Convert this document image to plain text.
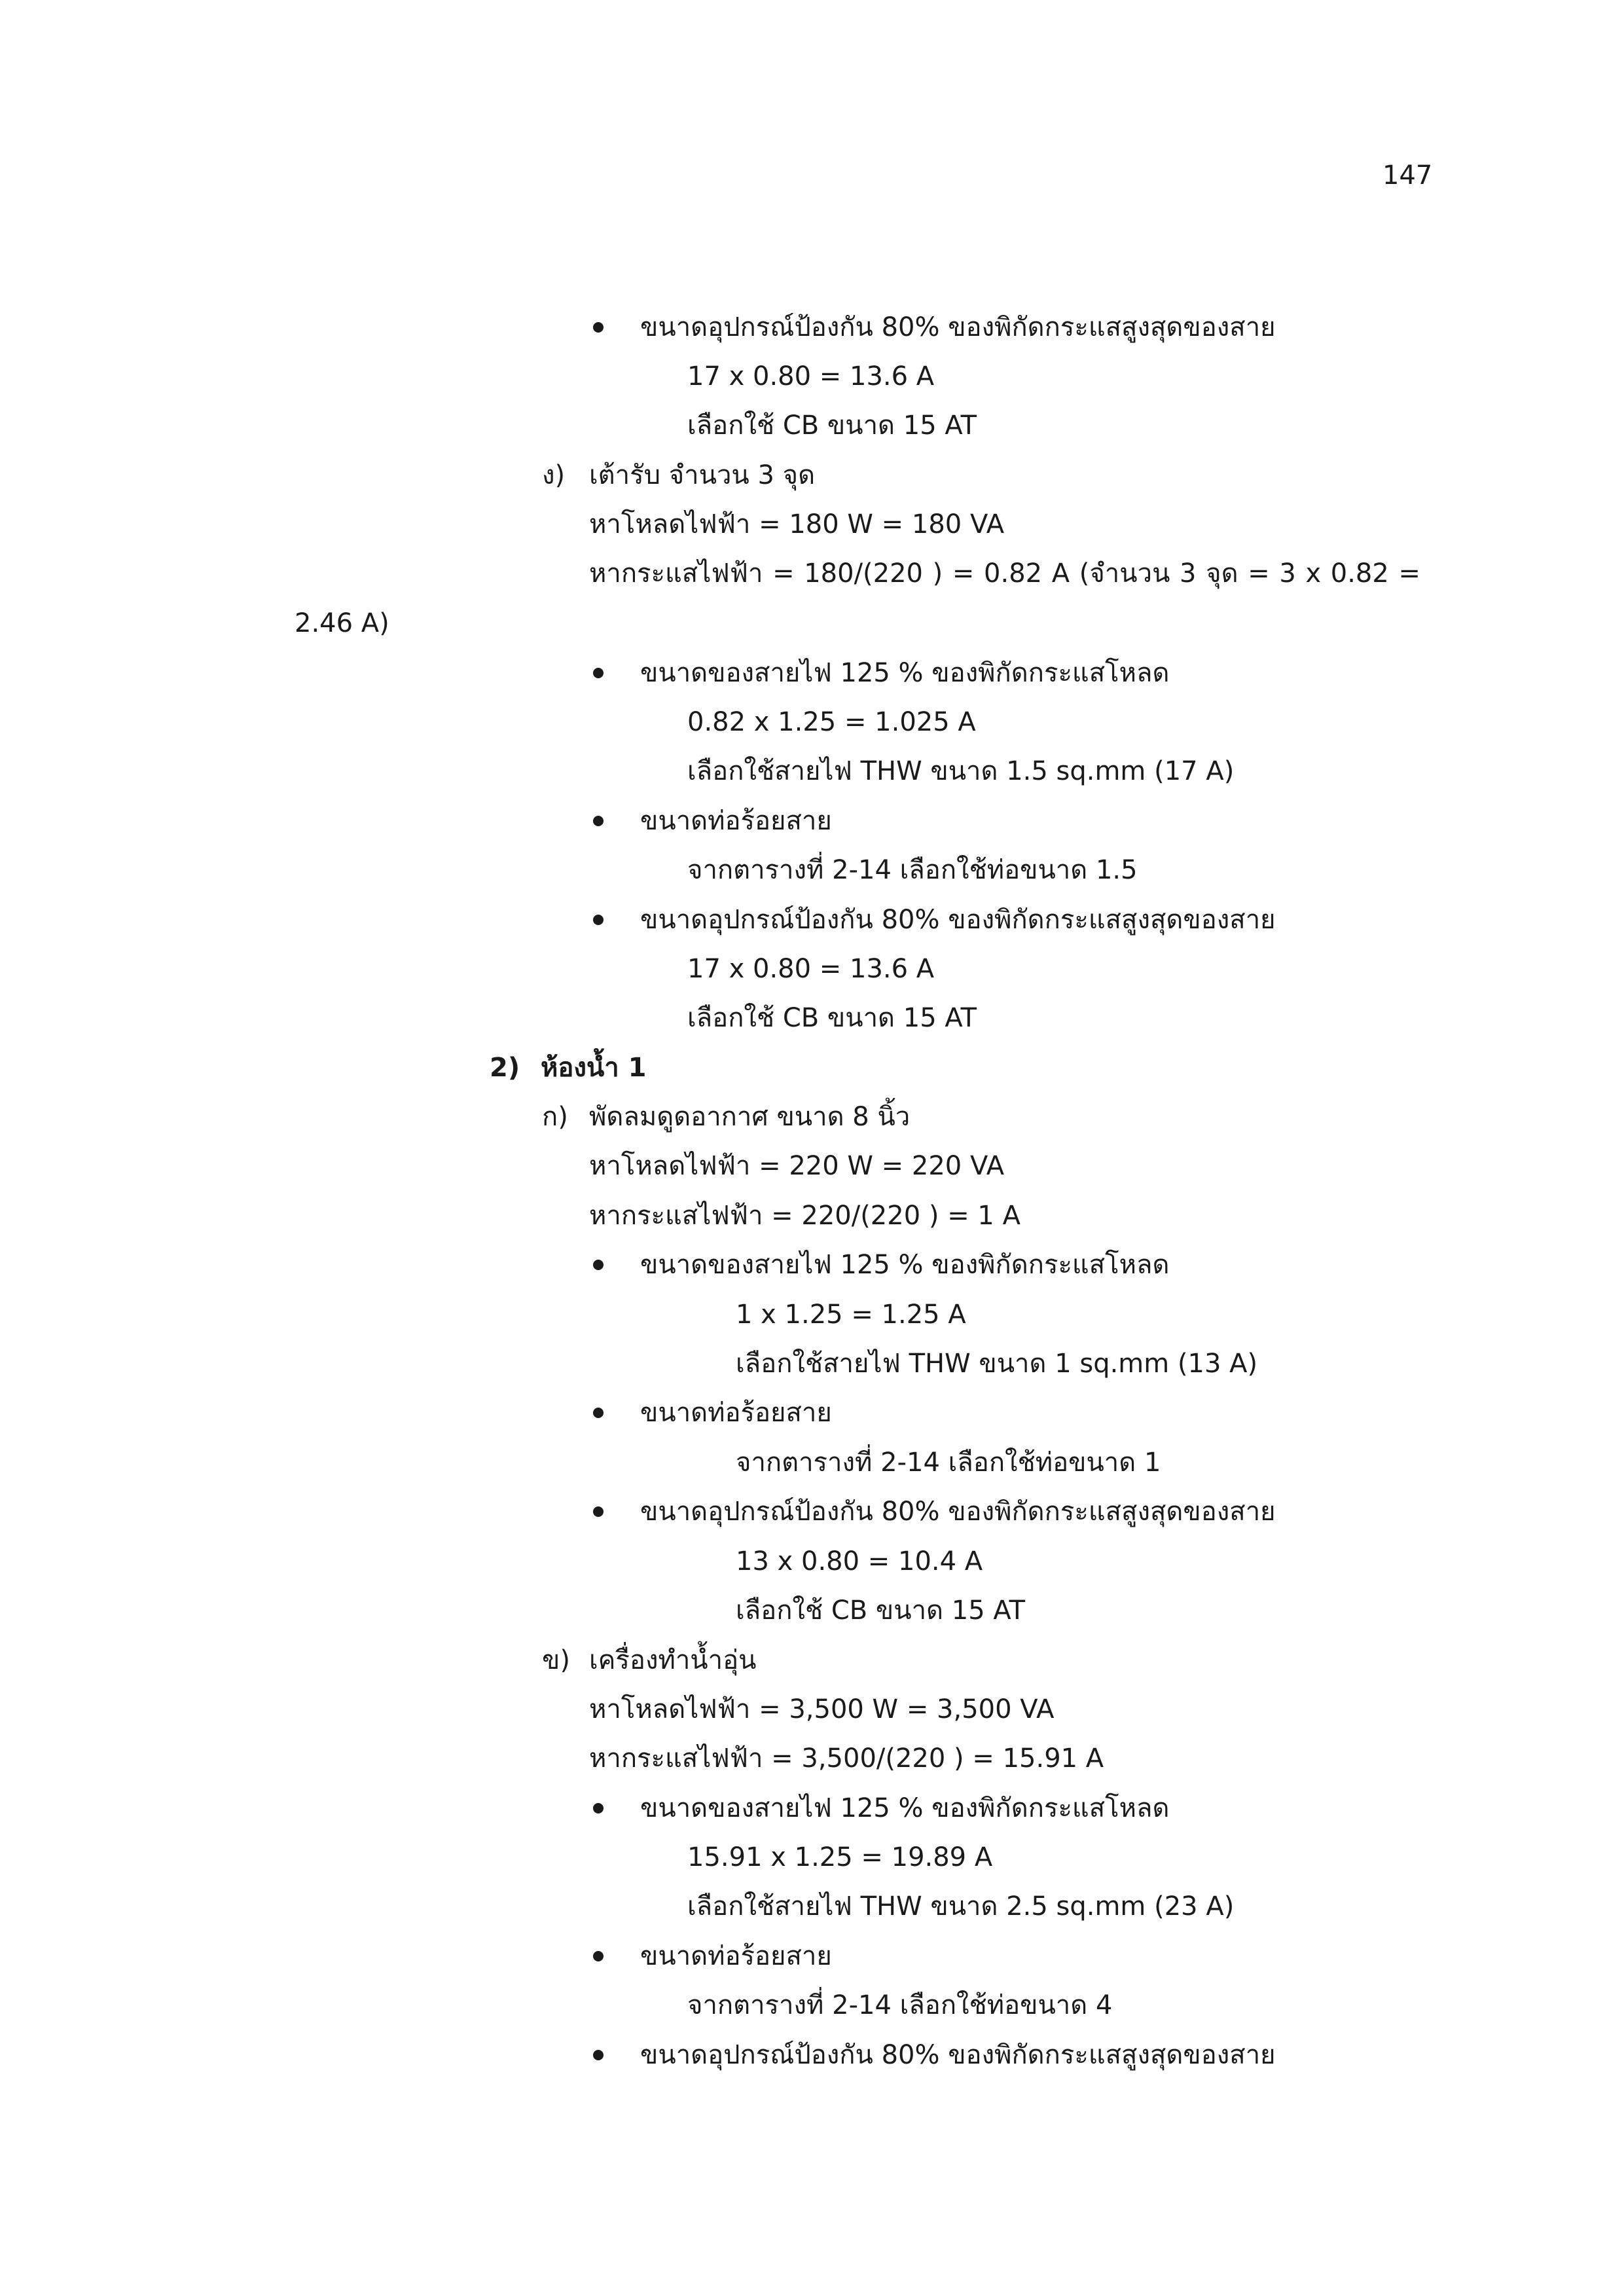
147
ขนาดอุปกรณ์ป้องกัน 80% ของพิกัดกระแสสูงสุดของสาย
17 x 0.80 = 13.6 A
เลือกใช้ CB ขนาด 15 AT
ง) เต้ารับ จำนวน 3 จุด
หาโหลดไฟฟ้า = 180 W = 180 VA
หากระแสไฟฟ้า = 180/(220 ) = 0.82 A (จำนวน 3 จุด = 3 x 0.82 =
2.46 A)
ขนาดของสายไฟ 125 % ของพิกัดกระแสโหลด
0.82 x 1.25 = 1.025 A
เลือกใช้สายไฟ THW ขนาด 1.5 sq.mm (17 A)
ขนาดท่อร้อยสาย
จากตารางที่ 2-14 เลือกใช้ท่อขนาด 1.5
ขนาดอุปกรณ์ป้องกัน 80% ของพิกัดกระแสสูงสุดของสาย
17 x 0.80 = 13.6 A
เลือกใช้ CB ขนาด 15 AT
2) ห้องน้ำ 1
ก) พัดลมดูดอากาศ ขนาด 8 นิ้ว
หาโหลดไฟฟ้า = 220 W = 220 VA
หากระแสไฟฟ้า = 220/(220 ) = 1 A
ขนาดของสายไฟ 125 % ของพิกัดกระแสโหลด
1 x 1.25 = 1.25 A
เลือกใช้สายไฟ THW ขนาด 1 sq.mm (13 A)
ขนาดท่อร้อยสาย
จากตารางที่ 2-14 เลือกใช้ท่อขนาด 1
ขนาดอุปกรณ์ป้องกัน 80% ของพิกัดกระแสสูงสุดของสาย
13 x 0.80 = 10.4 A
เลือกใช้ CB ขนาด 15 AT
ข) เครื่องทำน้ำอุ่น
หาโหลดไฟฟ้า = 3,500 W = 3,500 VA
หากระแสไฟฟ้า = 3,500/(220 ) = 15.91 A
ขนาดของสายไฟ 125 % ของพิกัดกระแสโหลด
15.91 x 1.25 = 19.89 A
เลือกใช้สายไฟ THW ขนาด 2.5 sq.mm (23 A)
ขนาดท่อร้อยสาย
จากตารางที่ 2-14 เลือกใช้ท่อขนาด 4
ขนาดอุปกรณ์ป้องกัน 80% ของพิกัดกระแสสูงสุดของสาย
